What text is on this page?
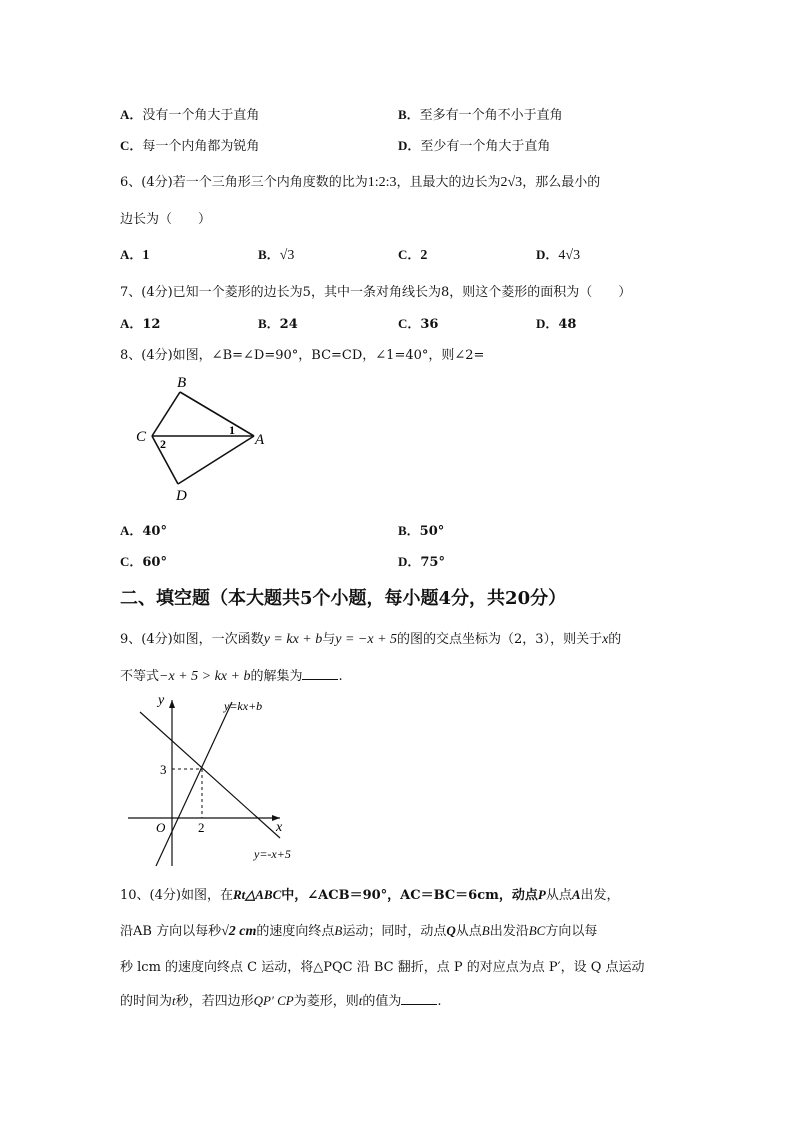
A．没有一个角大于直角	B．至多有一个角不小于直角
C．每一个内角都为锐角	D．至少有一个角大于直角
6、(4分)若一个三角形三个内角度数的比为1:2:3，且最大的边长为2√3，那么最小的
边长为（　　）
A．1	B．√3	C．2	D．4√3
7、(4分)已知一个菱形的边长为5，其中一条对角线长为8，则这个菱形的面积为（　　）
A．12	B．24	C．36	D．48
8、(4分)如图，∠B=∠D=90°，BC=CD，∠1=40°，则∠2=
B
C	A
D
1
2
A．40°	B．50°
C．60°	D．75°
二、填空题（本大题共5个小题，每小题4分，共20分）
9、(4分)如图，一次函数y = kx + b与y = −x + 5的图的交点坐标为（2，3），则关于x的
不等式−x + 5 > kx + b的解集为	.
y
x
O	2
3
y=kx+b
y=-x+5
10、(4分)如图，在Rt△ABC中，∠ACB＝90°，AC＝BC＝6cm，动点P从点A出发，
沿AB 方向以每秒√2 cm的速度向终点B运动；同时，动点Q从点B出发沿BC方向以每
秒 lcm 的速度向终点 C 运动，将△PQC 沿 BC 翻折，点 P 的对应点为点 P′，设 Q 点运动
的时间为t秒，若四边形QP′ CP为菱形，则t的值为	.
